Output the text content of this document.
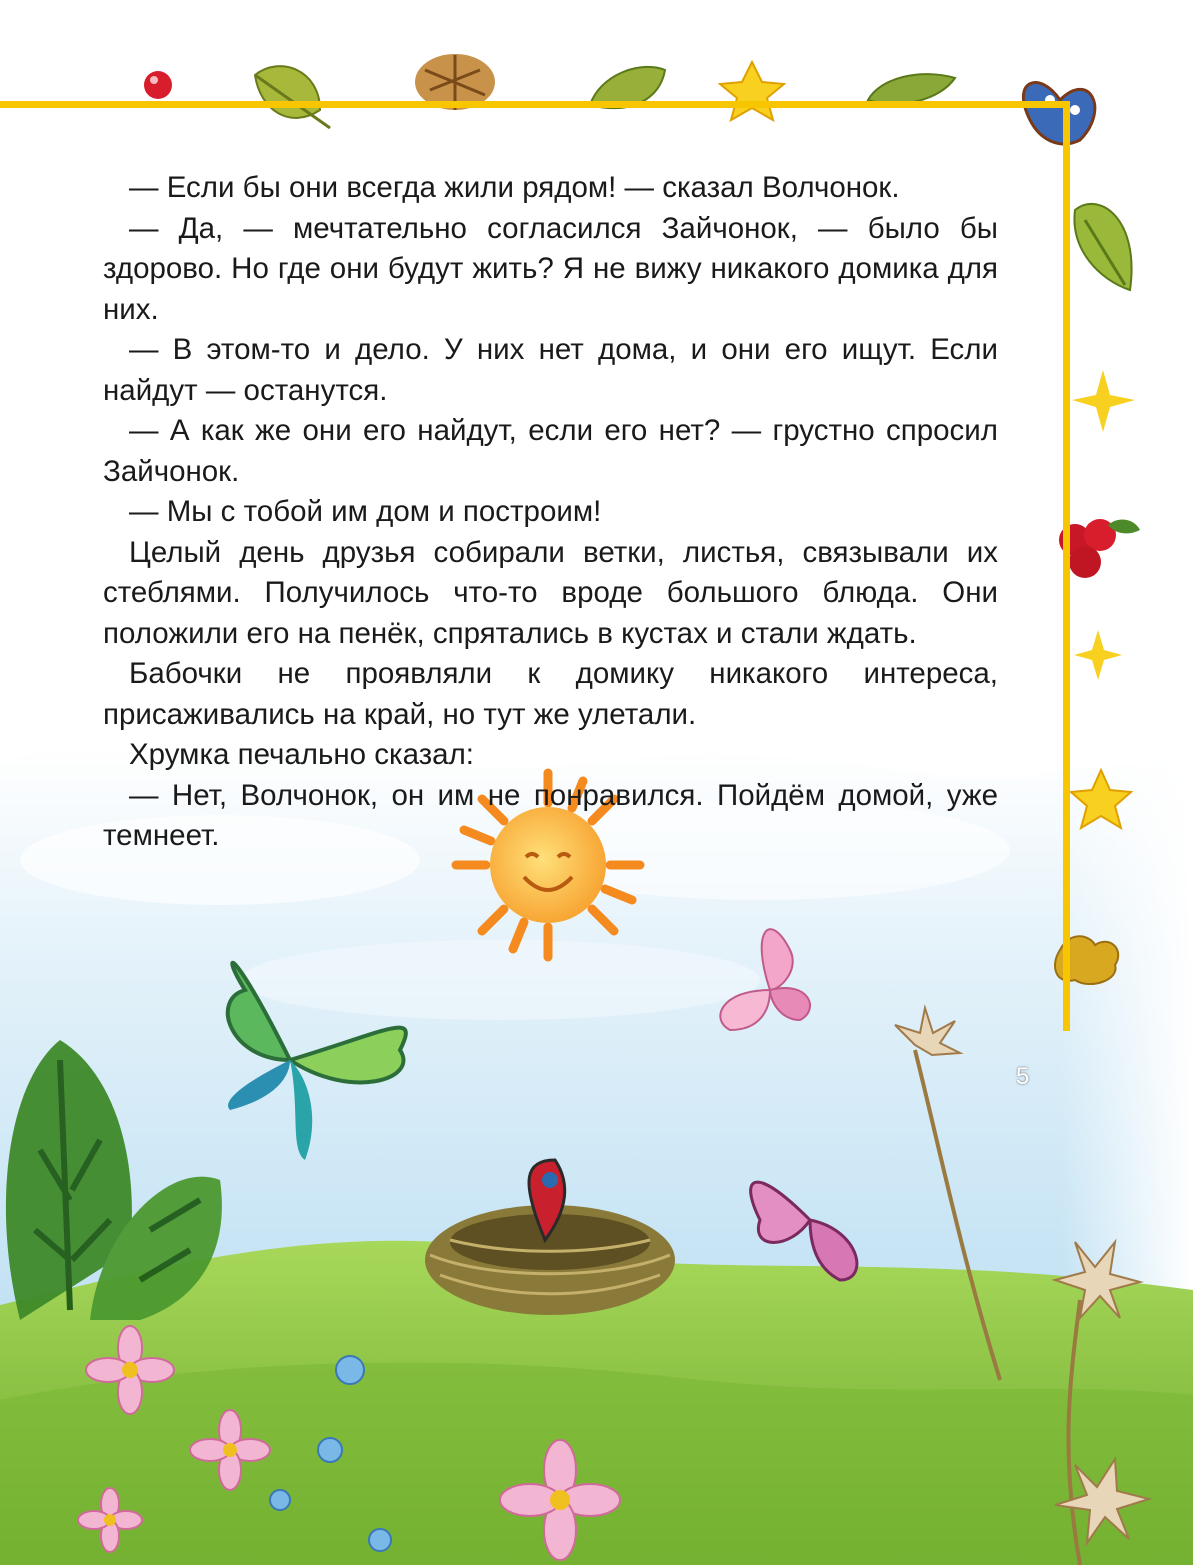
— Если бы они всегда жили рядом! — сказал Волчонок.

— Да, — мечтательно согласился Зайчонок, — было бы здорово. Но где они будут жить? Я не вижу никакого домика для них.

— В этом-то и дело. У них нет дома, и они его ищут. Если найдут — останутся.

— А как же они его найдут, если его нет? — грустно спросил Зайчонок.

— Мы с тобой им дом и построим!

Целый день друзья собирали ветки, листья, связывали их стеблями. Получилось что-то вроде большого блюда. Они положили его на пенёк, спрятались в кустах и стали ждать.

Бабочки не проявляли к домику никакого интереса, присаживались на край, но тут же улетали.

Хрумка печально сказал:

— Нет, Волчонок, он им не понравился. Пойдём домой, уже темнеет.

5
